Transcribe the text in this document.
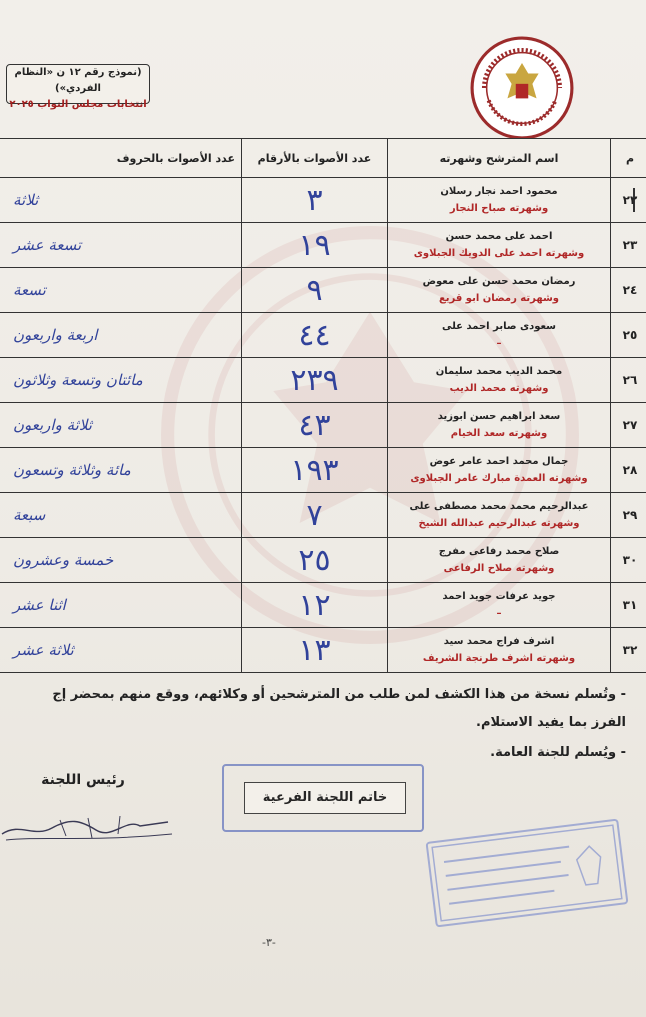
(نموذج رقم ١٢ ن «النظام الفردي»)
انتخابات مجلس النواب ٢٠٢٥
م	اسم المترشح وشهرته	عدد الأصوات بالأرقام	عدد الأصوات بالحروف
٢٢	محمود احمد نجار رسلان
وشهرته صباح النجار	٣	ثلاثة
٢٣	احمد على محمد حسن
وشهرته احمد على الدويك الجبلاوى	١٩	تسعة عشر
٢٤	رمضان محمد حسن على معوض
وشهرته رمضان ابو قريع	٩	تسعة
٢٥	سعودى صابر احمد على
–	٤٤	اربعة واربعون
٢٦	محمد الديب محمد سليمان
وشهرته محمد الديب	٢٣٩	مائتان وتسعة وثلاثون
٢٧	سعد ابراهيم حسن ابوزيد
وشهرته سعد الخيام	٤٣	ثلاثة واربعون
٢٨	جمال محمد احمد عامر عوض
وشهرته العمدة مبارك عامر الجبلاوى	١٩٣	مائة وثلاثة وتسعون
٢٩	عبدالرحيم محمد محمد مصطفى على
وشهرته عبدالرحيم عبدالله الشيخ	٧	سبعة
٣٠	صلاح محمد رفاعى مفرج
وشهرته صلاح الرفاعى	٢٥	خمسة وعشرون
٣١	جويد عرفات جويد احمد
–	١٢	اثنا عشر
٣٢	اشرف فراج محمد سيد
وشهرته اشرف طرنجة الشريف	١٣	ثلاثة عشر
- وتُسلم نسخة من هذا الكشف لمن طلب من المترشحين أو وكلائهم، ووقع منهم بمحضر إج
الفرز بما يفيد الاستلام.
- ويُسلم للجنة العامة.
رئيس اللجنة
خاتم اللجنة الفرعية
-٣-
